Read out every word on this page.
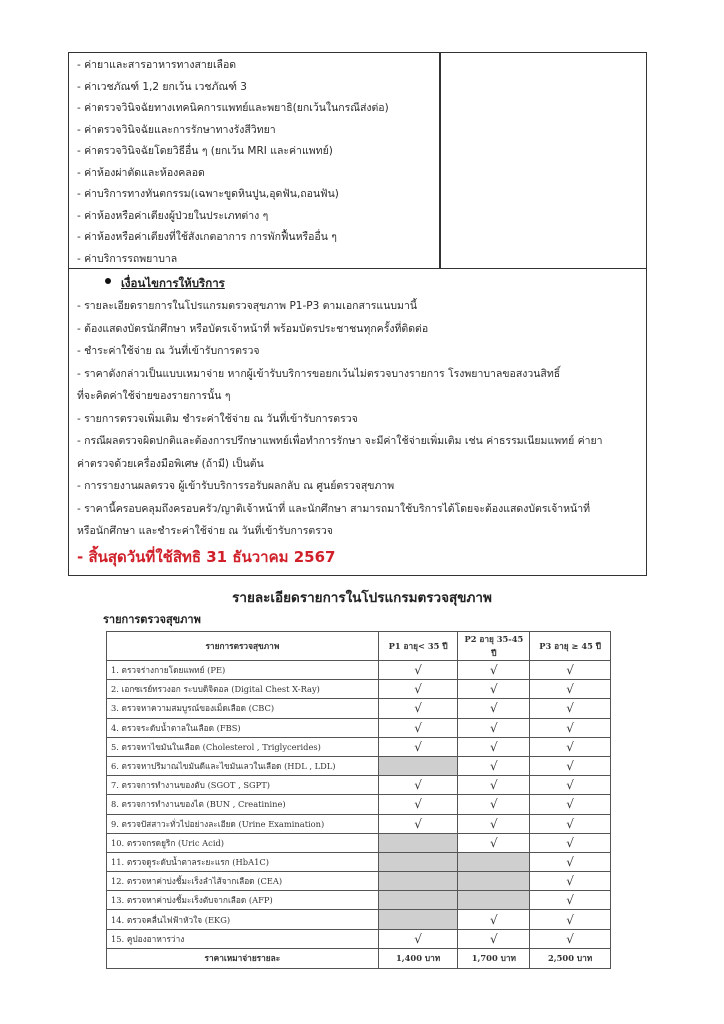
- ค่ายาและสารอาหารทางสายเลือด
- ค่าเวชภัณฑ์ 1,2 ยกเว้น เวชภัณฑ์ 3
- ค่าตรวจวินิจฉัยทางเทคนิคการแพทย์และพยาธิ(ยกเว้นในกรณีส่งต่อ)
- ค่าตรวจวินิจฉัยและการรักษาทางรังสีวิทยา
- ค่าตรวจวินิจฉัยโดยวิธีอื่น ๆ (ยกเว้น MRI และค่าแพทย์)
- ค่าห้องผ่าตัดและห้องคลอด
- ค่าบริการทางทันตกรรม(เฉพาะขูดหินปูน,อุดฟัน,ถอนฟัน)
- ค่าห้องหรือค่าเตียงผู้ป่วยในประเภทต่าง ๆ
- ค่าห้องหรือค่าเตียงที่ใช้สังเกตอาการ การพักฟื้นหรืออื่น ๆ
- ค่าบริการรถพยาบาล
เงื่อนไขการให้บริการ
- รายละเอียดรายการในโปรแกรมตรวจสุขภาพ P1-P3 ตามเอกสารแนบมานี้
- ต้องแสดงบัตรนักศึกษา หรือบัตรเจ้าหน้าที่ พร้อมบัตรประชาชนทุกครั้งที่ติดต่อ
- ชำระค่าใช้จ่าย ณ วันที่เข้ารับการตรวจ
- ราคาดังกล่าวเป็นแบบเหมาจ่าย หากผู้เข้ารับบริการขอยกเว้นไม่ตรวจบางรายการ โรงพยาบาลขอสงวนสิทธิ์
ที่จะคิดค่าใช้จ่ายของรายการนั้น ๆ
- รายการตรวจเพิ่มเติม ชำระค่าใช้จ่าย ณ วันที่เข้ารับการตรวจ
- กรณีผลตรวจผิดปกติและต้องการปรึกษาแพทย์เพื่อทำการรักษา จะมีค่าใช้จ่ายเพิ่มเติม เช่น ค่าธรรมเนียมแพทย์ ค่ายา
ค่าตรวจด้วยเครื่องมือพิเศษ (ถ้ามี) เป็นต้น
- การรายงานผลตรวจ ผู้เข้ารับบริการรอรับผลกลับ ณ ศูนย์ตรวจสุขภาพ
- ราคานี้ครอบคลุมถึงครอบครัว/ญาติเจ้าหน้าที่ และนักศึกษา สามารถมาใช้บริการได้โดยจะต้องแสดงบัตรเจ้าหน้าที่
หรือนักศึกษา และชำระค่าใช้จ่าย ณ วันที่เข้ารับการตรวจ
- สิ้นสุดวันที่ใช้สิทธิ 31 ธันวาคม 2567
รายละเอียดรายการในโปรแกรมตรวจสุขภาพ
รายการตรวจสุขภาพ
รายการตรวจสุขภาพ	P1 อายุ< 35 ปี	P2 อายุ 35-45 ปี	P3 อายุ ≥ 45 ปี
1. ตรวจร่างกายโดยแพทย์ (PE)	√	√	√
2. เอกซเรย์ทรวงอก ระบบดิจิตอล (Digital Chest X-Ray)	√	√	√
3. ตรวจหาความสมบูรณ์ของเม็ดเลือด (CBC)	√	√	√
4. ตรวจระดับน้ำตาลในเลือด (FBS)	√	√	√
5. ตรวจหาไขมันในเลือด (Cholesterol , Triglycerides)	√	√	√
6. ตรวจหาปริมาณไขมันดีและไขมันเลวในเลือด (HDL , LDL)		√	√
7. ตรวจการทำงานของตับ (SGOT , SGPT)	√	√	√
8. ตรวจการทำงานของไต (BUN , Creatinine)	√	√	√
9. ตรวจปัสสาวะทั่วไปอย่างละเอียด (Urine Examination)	√	√	√
10. ตรวจกรดยูริก (Uric Acid)		√	√
11. ตรวจดูระดับน้ำตาลระยะแรก (HbA1C)			√
12. ตรวจหาค่าบ่งชี้มะเร็งลำไส้จากเลือด (CEA)			√
13. ตรวจหาค่าบ่งชี้มะเร็งตับจากเลือด (AFP)			√
14. ตรวจคลื่นไฟฟ้าหัวใจ (EKG)		√	√
15. คูปองอาหารว่าง	√	√	√
ราคาเหมาจ่ายรายละ	1,400 บาท	1,700 บาท	2,500 บาท
